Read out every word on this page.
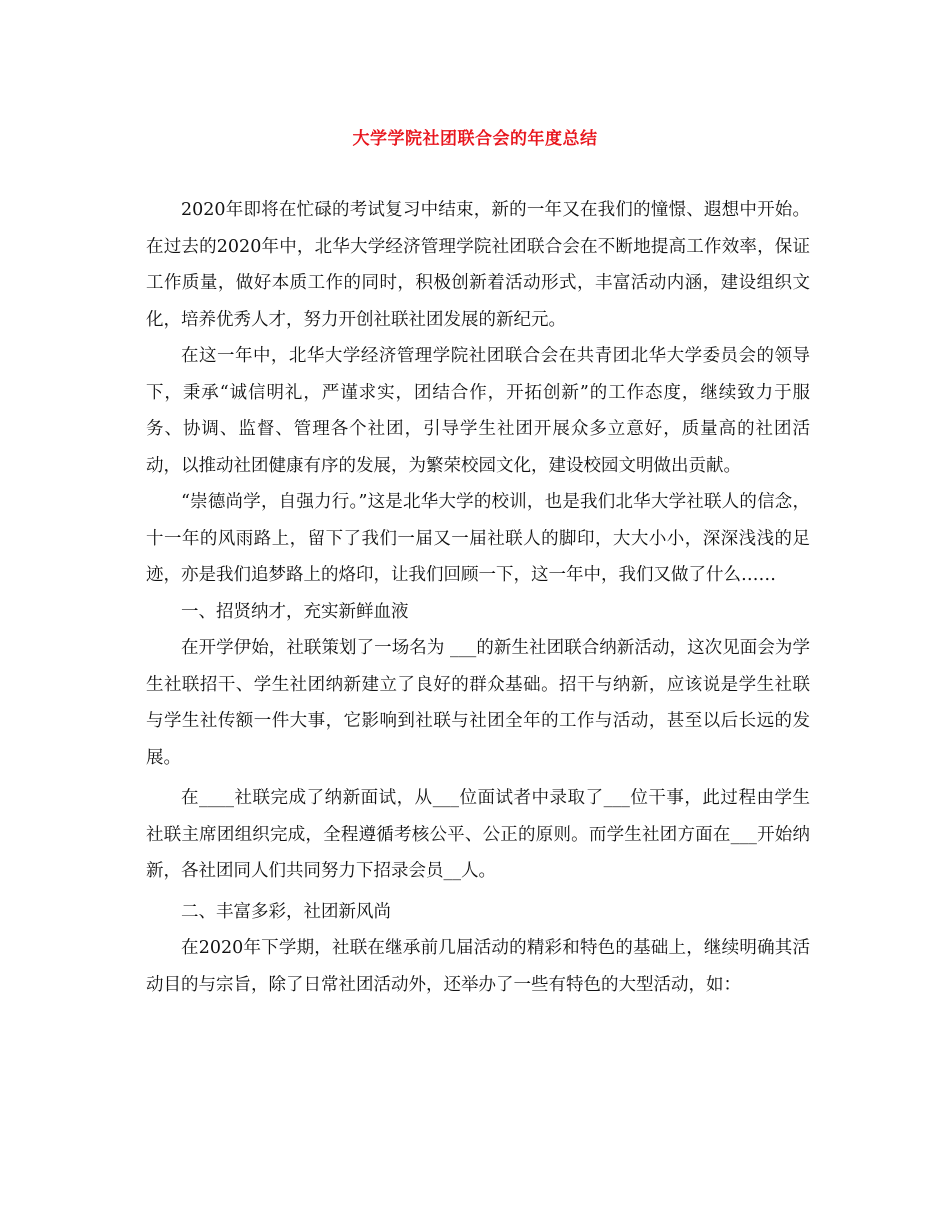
大学学院社团联合会的年度总结

2020年即将在忙碌的考试复习中结束，新的一年又在我们的憧憬、遐想中开始。在过去的2020年中，北华大学经济管理学院社团联合会在不断地提高工作效率，保证工作质量，做好本质工作的同时，积极创新着活动形式，丰富活动内涵，建设组织文化，培养优秀人才，努力开创社联社团发展的新纪元。

在这一年中，北华大学经济管理学院社团联合会在共青团北华大学委员会的领导下，秉承“诚信明礼，严谨求实，团结合作，开拓创新”的工作态度，继续致力于服务、协调、监督、管理各个社团，引导学生社团开展众多立意好，质量高的社团活动，以推动社团健康有序的发展，为繁荣校园文化，建设校园文明做出贡献。

“崇德尚学，自强力行。”这是北华大学的校训，也是我们北华大学社联人的信念，十一年的风雨路上，留下了我们一届又一届社联人的脚印，大大小小，深深浅浅的足迹，亦是我们追梦路上的烙印，让我们回顾一下，这一年中，我们又做了什么……

一、招贤纳才，充实新鲜血液

在开学伊始，社联策划了一场名为 ___的新生社团联合纳新活动，这次见面会为学生社联招干、学生社团纳新建立了良好的群众基础。招干与纳新，应该说是学生社联与学生社传额一件大事，它影响到社联与社团全年的工作与活动，甚至以后长远的发展。

在____社联完成了纳新面试，从___位面试者中录取了___位干事，此过程由学生社联主席团组织完成，全程遵循考核公平、公正的原则。而学生社团方面在___开始纳新，各社团同人们共同努力下招录会员__人。

二、丰富多彩，社团新风尚

在2020年下学期，社联在继承前几届活动的精彩和特色的基础上，继续明确其活动目的与宗旨，除了日常社团活动外，还举办了一些有特色的大型活动，如：
